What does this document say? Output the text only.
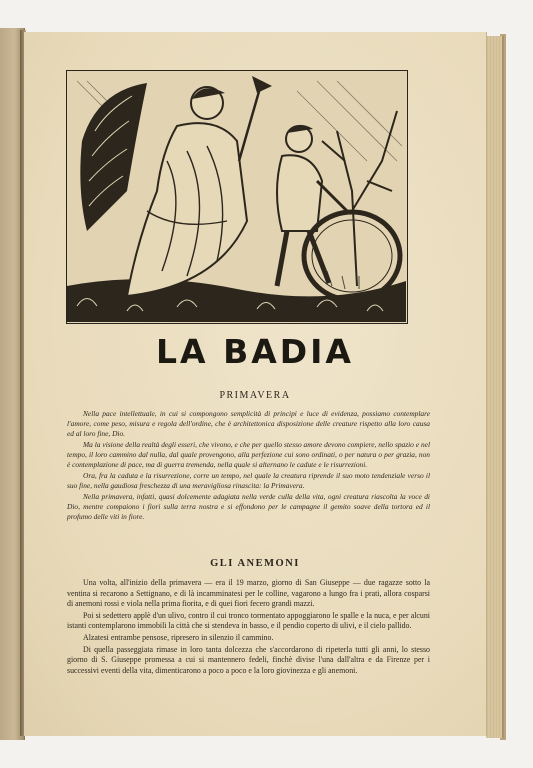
LA BADIA
PRIMAVERA

Nella pace intellettuale, in cui si compongono semplicità di principi e luce di evidenza, possiamo contemplare l'amore, come peso, misura e regola dell'ordine, che è architettonica disposizione delle creature rispetto alla loro causa ed al loro fine, Dio.

Ma la visione della realtà degli esseri, che vivono, e che per quello stesso amore devono compiere, nello spazio e nel tempo, il loro cammino dal nulla, dal quale provengono, alla perfezione cui sono ordinati, o per natura o per grazia, non è contemplazione di pace, ma di guerra tremenda, nella quale si alternano le cadute e le risurrezioni.

Ora, fra la caduta e la risurrezione, corre un tempo, nel quale la creatura riprende il suo moto tendenziale verso il suo fine, nella gaudiosa freschezza di una meravigliosa rinascita: la Primavera.

Nella primavera, infatti, quasi dolcemente adagiata nella verde culla della vita, ogni creatura riascolta la voce di Dio, mentre compaiono i fiori sulla terra nostra e si effondono per le campagne il gemito soave della tortora ed il profumo delle viti in fiore.

GLI ANEMONI

Una volta, all'inizio della primavera — era il 19 marzo, giorno di San Giuseppe — due ragazze sotto la ventina si recarono a Settignano, e di là incamminatesi per le colline, vagarono a lungo fra i prati, allora cosparsi di anemoni rossi e viola nella prima fiorita, e di quei fiori fecero grandi mazzi.

Poi si sedettero applè d'un ulivo, contro il cui tronco tormentato appoggiarono le spalle e la nuca, e per alcuni istanti contemplarono immobili la città che si stendeva in basso, e il pendio coperto di ulivi, e il cielo pallido.

Alzatesi entrambe pensose, ripresero in silenzio il cammino.

Di quella passeggiata rimase in loro tanta dolcezza che s'accordarono di ripeterla tutti gli anni, lo stesso giorno di S. Giuseppe promessa a cui si mantennero fedeli, finchè divise l'una dall'altra e da Firenze per i successivi eventi della vita, dimenticarono a poco a poco e la loro giovinezza e gli anemoni.
